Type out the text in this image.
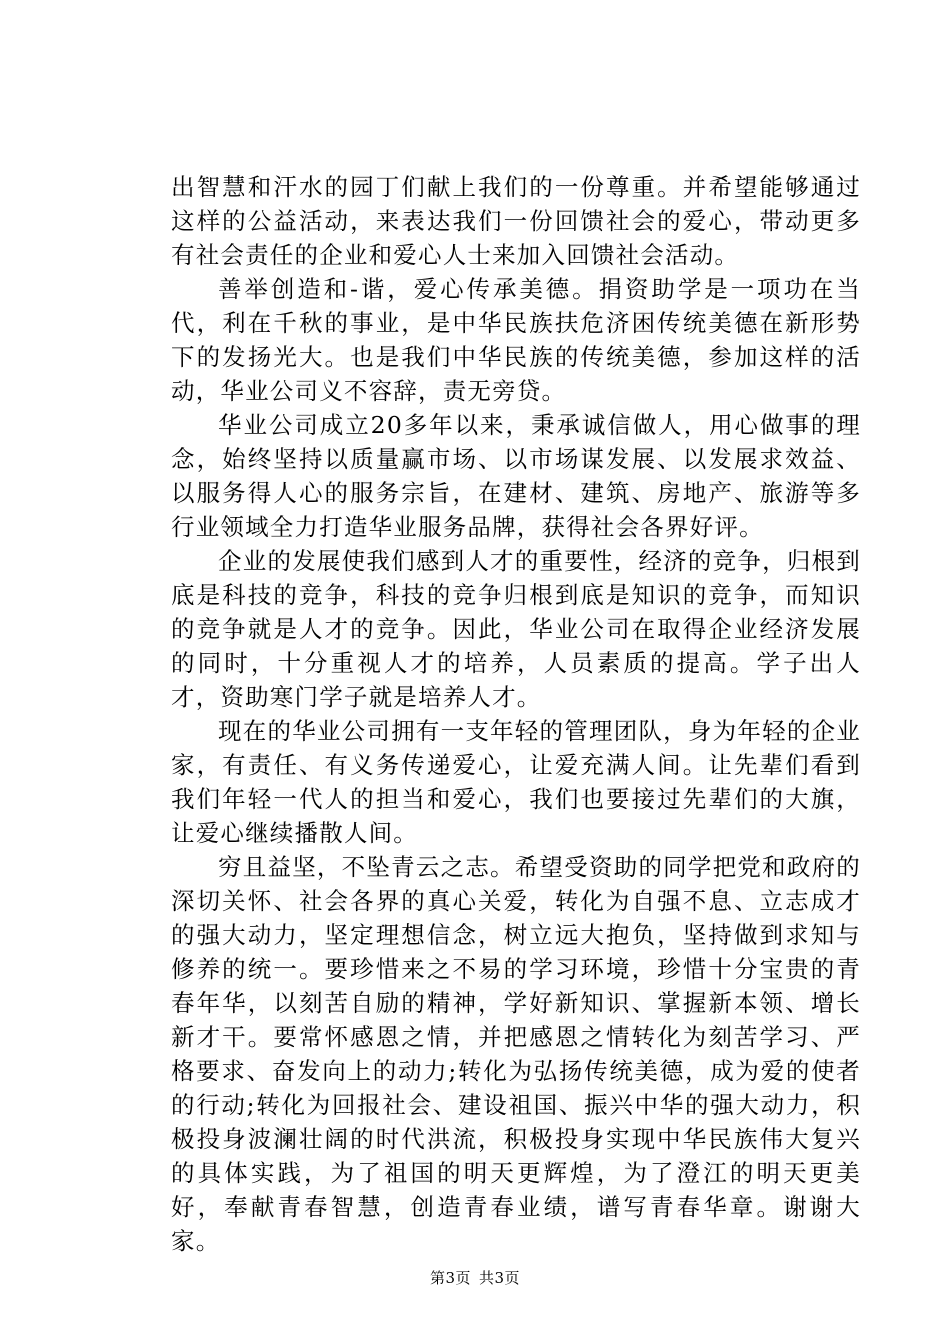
出智慧和汗水的园丁们献上我们的一份尊重。并希望能够通过这样的公益活动，来表达我们一份回馈社会的爱心，带动更多有社会责任的企业和爱心人士来加入回馈社会活动。

善举创造和-谐，爱心传承美德。捐资助学是一项功在当代，利在千秋的事业，是中华民族扶危济困传统美德在新形势下的发扬光大。也是我们中华民族的传统美德，参加这样的活动，华业公司义不容辞，责无旁贷。

华业公司成立20多年以来，秉承诚信做人，用心做事的理念，始终坚持以质量赢市场、以市场谋发展、以发展求效益、以服务得人心的服务宗旨，在建材、建筑、房地产、旅游等多行业领域全力打造华业服务品牌，获得社会各界好评。

企业的发展使我们感到人才的重要性，经济的竞争，归根到底是科技的竞争，科技的竞争归根到底是知识的竞争，而知识的竞争就是人才的竞争。因此，华业公司在取得企业经济发展的同时，十分重视人才的培养，人员素质的提高。学子出人才，资助寒门学子就是培养人才。

现在的华业公司拥有一支年轻的管理团队，身为年轻的企业家，有责任、有义务传递爱心，让爱充满人间。让先辈们看到我们年轻一代人的担当和爱心，我们也要接过先辈们的大旗，让爱心继续播散人间。

穷且益坚，不坠青云之志。希望受资助的同学把党和政府的深切关怀、社会各界的真心关爱，转化为自强不息、立志成才的强大动力，坚定理想信念，树立远大抱负，坚持做到求知与修养的统一。要珍惜来之不易的学习环境，珍惜十分宝贵的青春年华，以刻苦自励的精神，学好新知识、掌握新本领、增长新才干。要常怀感恩之情，并把感恩之情转化为刻苦学习、严格要求、奋发向上的动力;转化为弘扬传统美德，成为爱的使者的行动;转化为回报社会、建设祖国、振兴中华的强大动力，积极投身波澜壮阔的时代洪流，积极投身实现中华民族伟大复兴的具体实践，为了祖国的明天更辉煌，为了澄江的明天更美好，奉献青春智慧，创造青春业绩，谱写青春华章。谢谢大家。

第3页 共3页
